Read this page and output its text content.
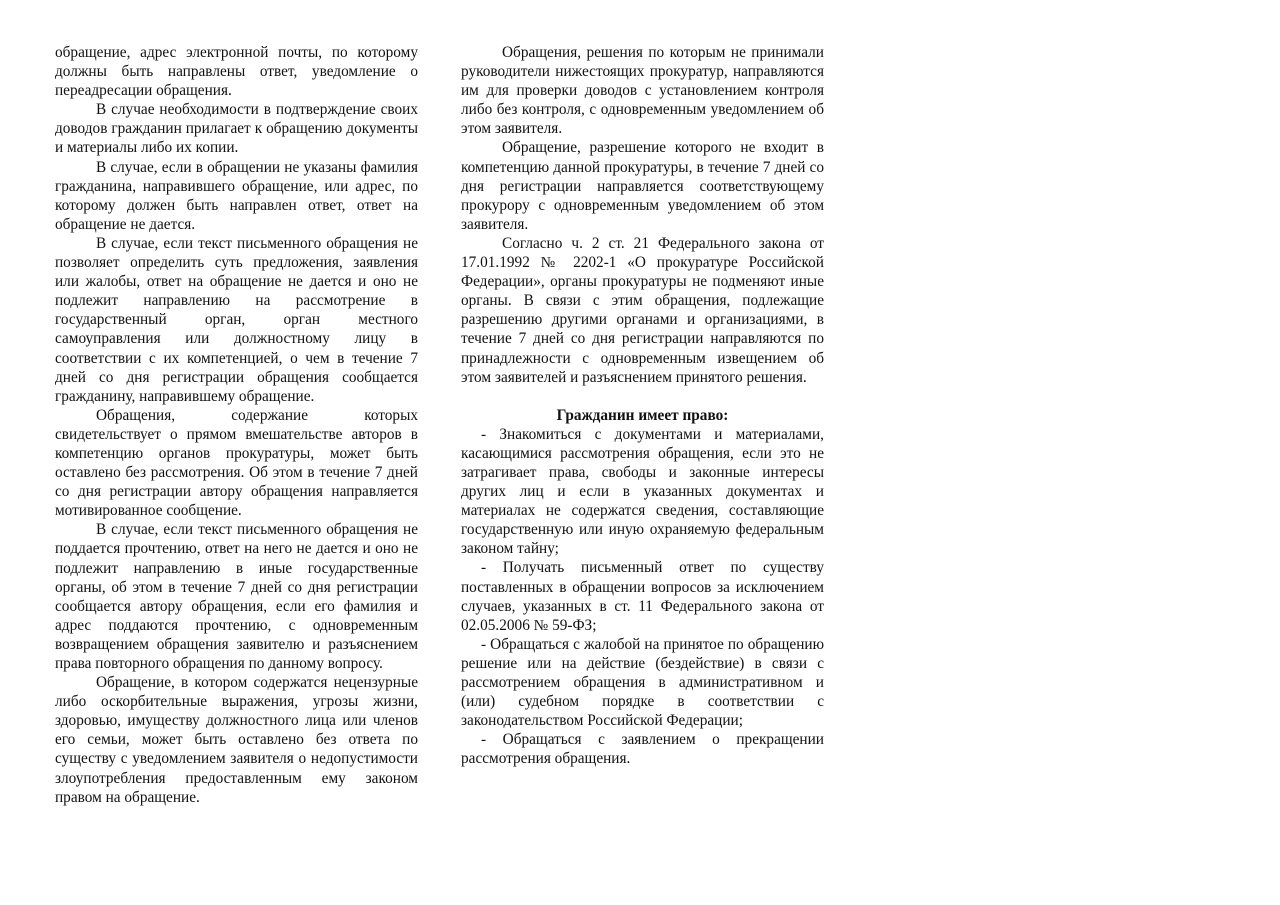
обращение, адрес электронной почты, по которому должны быть направлены ответ, уведомление о переадресации обращения.

В случае необходимости в подтверждение своих доводов гражданин прилагает к обращению документы и материалы либо их копии.

В случае, если в обращении не указаны фамилия гражданина, направившего обращение, или адрес, по которому должен быть направлен ответ, ответ на обращение не дается.

В случае, если текст письменного обращения не позволяет определить суть предложения, заявления или жалобы, ответ на обращение не дается и оно не подлежит направлению на рассмотрение в государственный орган, орган местного самоуправления или должностному лицу в соответствии с их компетенцией, о чем в течение 7 дней со дня регистрации обращения сообщается гражданину, направившему обращение.

Обращения, содержание которых свидетельствует о прямом вмешательстве авторов в компетенцию органов прокуратуры, может быть оставлено без рассмотрения. Об этом в течение 7 дней со дня регистрации автору обращения направляется мотивированное сообщение.

В случае, если текст письменного обращения не поддается прочтению, ответ на него не дается и оно не подлежит направлению в иные государственные органы, об этом в течение 7 дней со дня регистрации сообщается автору обращения, если его фамилия и адрес поддаются прочтению, с одновременным возвращением обращения заявителю и разъяснением права повторного обращения по данному вопросу.

Обращение, в котором содержатся нецензурные либо оскорбительные выражения, угрозы жизни, здоровью, имуществу должностного лица или членов его семьи, может быть оставлено без ответа по существу с уведомлением заявителя о недопустимости злоупотребления предоставленным ему законом правом на обращение.

Обращения, решения по которым не принимали руководители нижестоящих прокуратур, направляются им для проверки доводов с установлением контроля либо без контроля, с одновременным уведомлением об этом заявителя.

Обращение, разрешение которого не входит в компетенцию данной прокуратуры, в течение 7 дней со дня регистрации направляется соответствующему прокурору с одновременным уведомлением об этом заявителя.

Согласно ч. 2 ст. 21 Федерального закона от 17.01.1992 № 2202-1 «О прокуратуре Российской Федерации», органы прокуратуры не подменяют иные органы. В связи с этим обращения, подлежащие разрешению другими органами и организациями, в течение 7 дней со дня регистрации направляются по принадлежности с одновременным извещением об этом заявителей и разъяснением принятого решения.

Гражданин имеет право:

- Знакомиться с документами и материалами, касающимися рассмотрения обращения, если это не затрагивает права, свободы и законные интересы других лиц и если в указанных документах и материалах не содержатся сведения, составляющие государственную или иную охраняемую федеральным законом тайну;

- Получать письменный ответ по существу поставленных в обращении вопросов за исключением случаев, указанных в ст. 11 Федерального закона от 02.05.2006 № 59-ФЗ;

- Обращаться с жалобой на принятое по обращению решение или на действие (бездействие) в связи с рассмотрением обращения в административном и (или) судебном порядке в соответствии с законодательством Российской Федерации;

- Обращаться с заявлением о прекращении рассмотрения обращения.
